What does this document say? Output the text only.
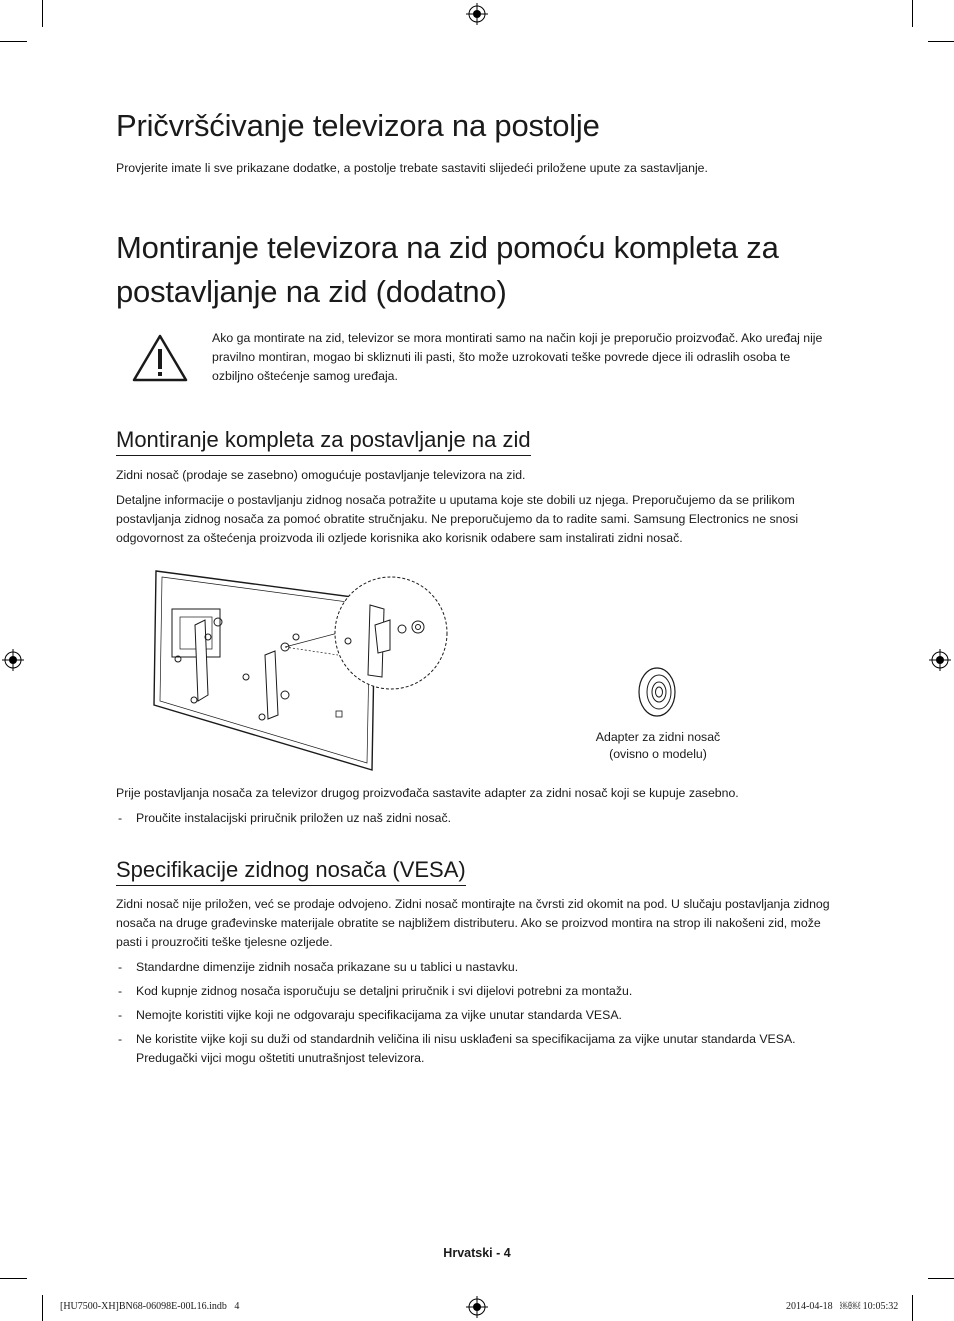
Pričvršćivanje televizora na postolje

Provjerite imate li sve prikazane dodatke, a postolje trebate sastaviti slijedeći priložene upute za sastavljanje.

Montiranje televizora na zid pomoću kompleta za
postavljanje na zid (dodatno)

Ako ga montirate na zid, televizor se mora montirati samo na način koji je preporučio proizvođač. Ako uređaj nije pravilno montiran, mogao bi skliznuti ili pasti, što može uzrokovati teške povrede djece ili odraslih osoba te ozbiljno oštećenje samog uređaja.

Montiranje kompleta za postavljanje na zid

Zidni nosač (prodaje se zasebno) omogućuje postavljanje televizora na zid.

Detaljne informacije o postavljanju zidnog nosača potražite u uputama koje ste dobili uz njega. Preporučujemo da se prilikom postavljanja zidnog nosača za pomoć obratite stručnjaku. Ne preporučujemo da to radite sami. Samsung Electronics ne snosi odgovornost za oštećenja proizvoda ili ozljede korisnika ako korisnik odabere sam instalirati zidni nosač.

Adapter za zidni nosač
(ovisno o modelu)

Prije postavljanja nosača za televizor drugog proizvođača sastavite adapter za zidni nosač koji se kupuje zasebno.

- Proučite instalacijski priručnik priložen uz naš zidni nosač.
Specifikacije zidnog nosača (VESA)

Zidni nosač nije priložen, već se prodaje odvojeno. Zidni nosač montirajte na čvrsti zid okomit na pod. U slučaju postavljanja zidnog nosača na druge građevinske materijale obratite se najbližem distributeru. Ako se proizvod montira na strop ili nakošeni zid, može pasti i prouzročiti teške tjelesne ozljede.

- Standardne dimenzije zidnih nosača prikazane su u tablici u nastavku.
- Kod kupnje zidnog nosača isporučuju se detaljni priručnik i svi dijelovi potrebni za montažu.
- Nemojte koristiti vijke koji ne odgovaraju specifikacijama za vijke unutar standarda VESA.
- Ne koristite vijke koji su duži od standardnih veličina ili nisu usklađeni sa specifikacijama za vijke unutar standarda VESA. Predugački vijci mogu oštetiti unutrašnjost televizora.
Hrvatski - 4
[HU7500-XH]BN68-06098E-00L16.indb   4	2014-04-18   ￼￼ 10:05:32
